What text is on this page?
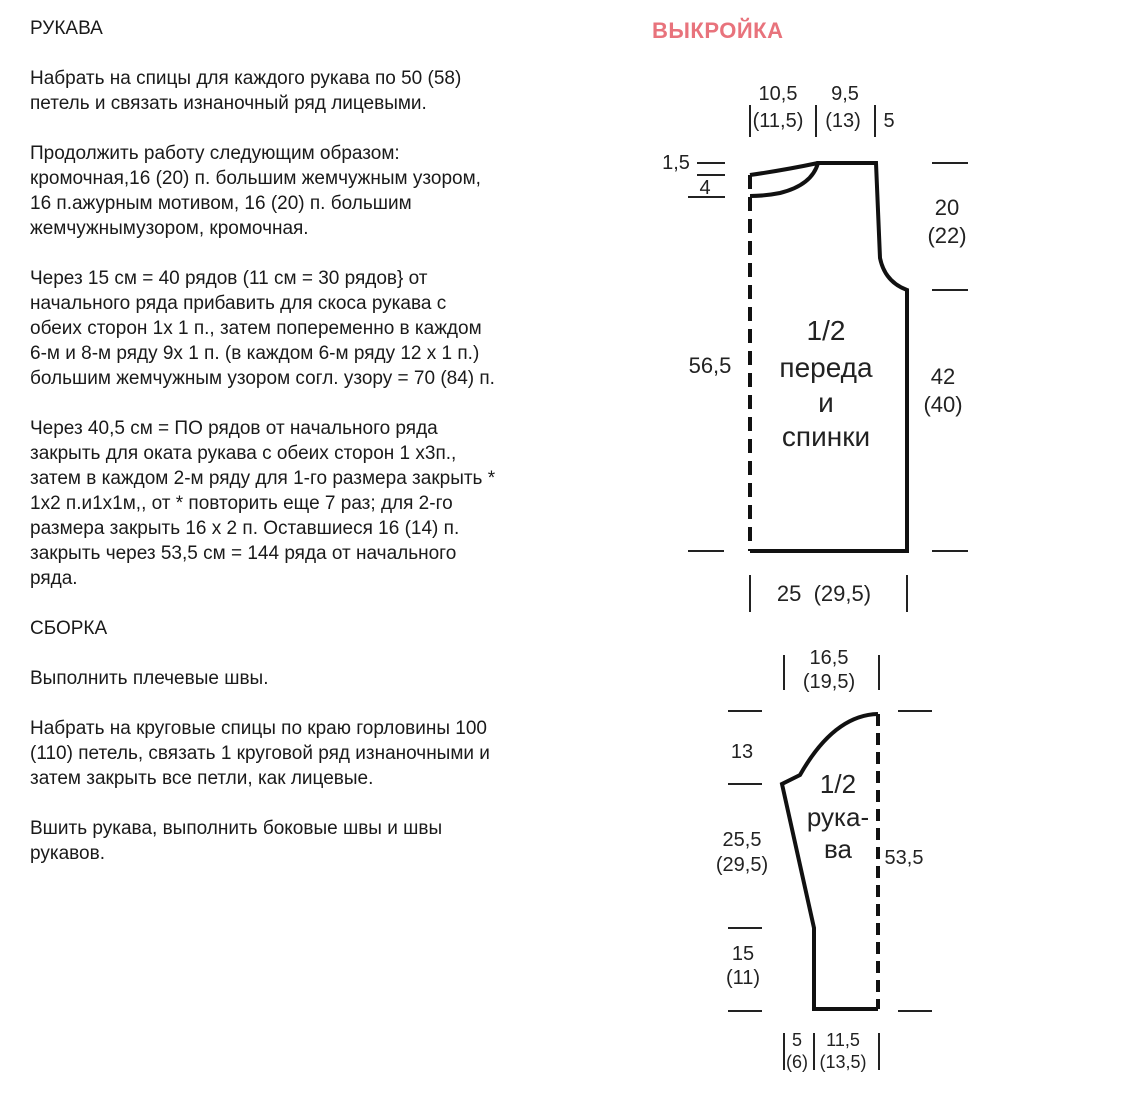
РУКАВА

Набрать на спицы для каждого рукава по 50 (58)
петель и связать изнаночный ряд лицевыми.

Продолжить работу следующим образом:
кромочная,16 (20) п. большим жемчужным узором,
16 п.ажурным мотивом, 16 (20) п. большим
жемчужнымузором, кромочная.

Через 15 см = 40 рядов (11 см = 30 рядов} от
начального ряда прибавить для скоса рукава с
обеих сторон 1х 1 п., затем попеременно в каждом
6-м и 8-м ряду 9х 1 п. (в каждом 6-м ряду 12 х 1 п.)
большим жемчужным узором согл. узору = 70 (84) п.

Через 40,5 см = ПО рядов от начального ряда
закрыть для оката рукава с обеих сторон 1 х3п.,
затем в каждом 2-м ряду для 1-го размера закрыть *
1х2 п.и1х1м,, от * повторить еще 7 раз; для 2-го
размера закрыть 16 х 2 п. Оставшиеся 16 (14) п.
закрыть через 53,5 см = 144 ряда от начального
ряда.

СБОРКА

Выполнить плечевые швы.

Набрать на круговые спицы по краю горловины 100
(110) петель, связать 1 круговой ряд изнаночными и
затем закрыть все петли, как лицевые.

Вшить рукава, выполнить боковые швы и швы
рукавов.

ВЫКРОЙКА
10,5
(11,5)
9,5
(13) 5
1,5
4
20
(22)
42
(40)
56,5
1/2
переда
и
спинки
25  (29,5)
16,5
(19,5)
13
25,5
(29,5)
15
(11)
53,5
1/2
рука-
ва
5
(6)
11,5
(13,5)
